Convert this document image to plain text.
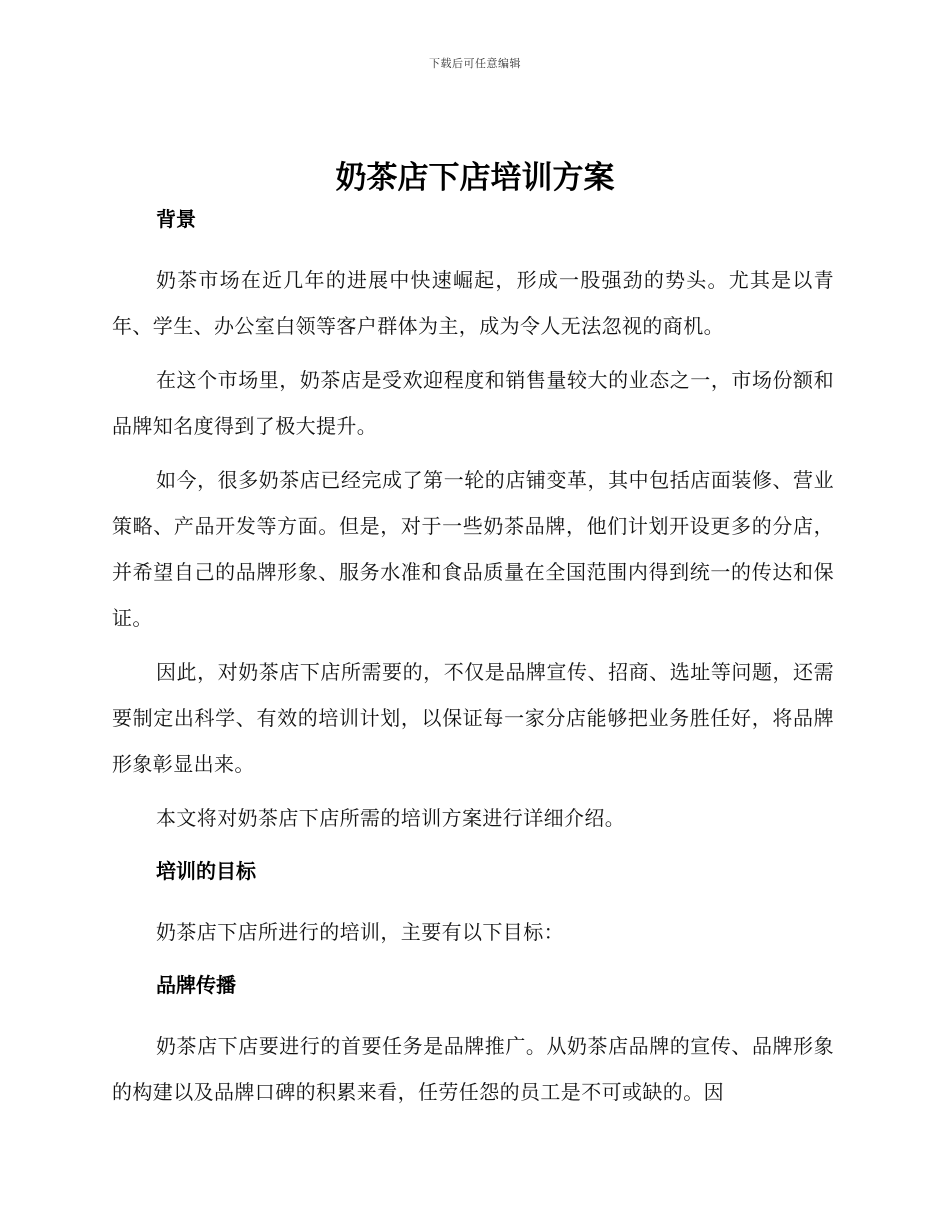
下载后可任意编辑
奶茶店下店培训方案
背景

奶茶市场在近几年的进展中快速崛起，形成一股强劲的势头。尤其是以青年、学生、办公室白领等客户群体为主，成为令人无法忽视的商机。

在这个市场里，奶茶店是受欢迎程度和销售量较大的业态之一，市场份额和品牌知名度得到了极大提升。

如今，很多奶茶店已经完成了第一轮的店铺变革，其中包括店面装修、营业策略、产品开发等方面。但是，对于一些奶茶品牌，他们计划开设更多的分店，并希望自己的品牌形象、服务水准和食品质量在全国范围内得到统一的传达和保证。

因此，对奶茶店下店所需要的，不仅是品牌宣传、招商、选址等问题，还需要制定出科学、有效的培训计划，以保证每一家分店能够把业务胜任好，将品牌形象彰显出来。

本文将对奶茶店下店所需的培训方案进行详细介绍。

培训的目标

奶茶店下店所进行的培训，主要有以下目标：

品牌传播

奶茶店下店要进行的首要任务是品牌推广。从奶茶店品牌的宣传、品牌形象的构建以及品牌口碑的积累来看，任劳任怨的员工是不可或缺的。因
